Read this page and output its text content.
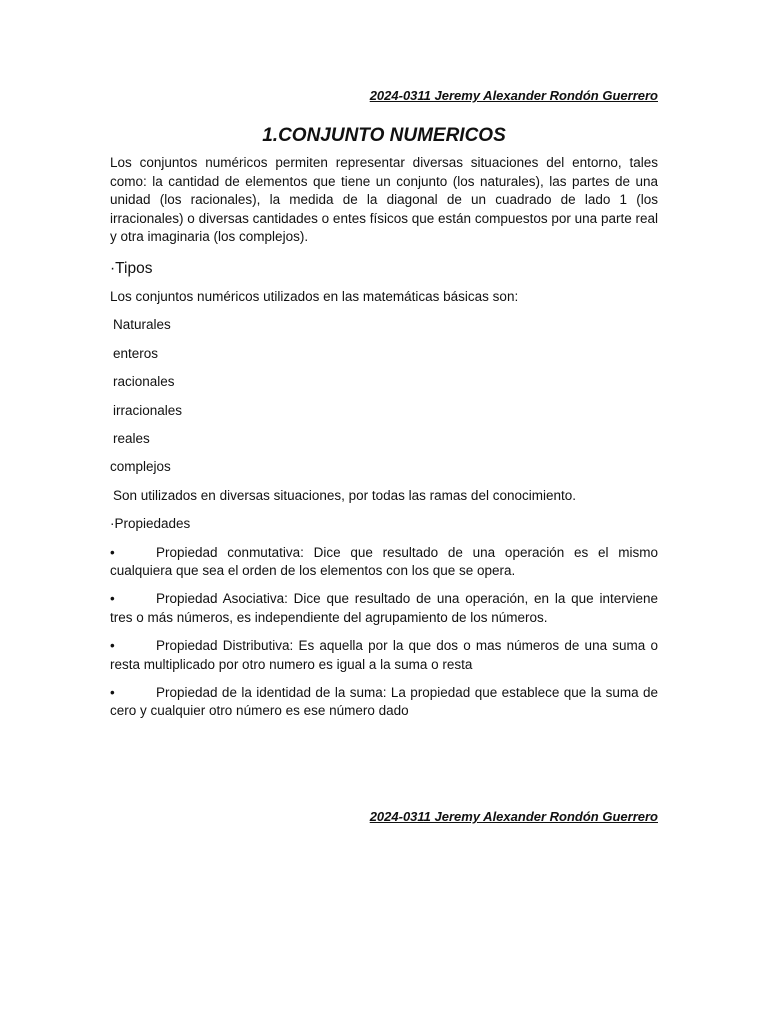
2024-0311 Jeremy Alexander Rondón Guerrero
1.CONJUNTO NUMERICOS

Los conjuntos numéricos permiten representar diversas situaciones del entorno, tales como: la cantidad de elementos que tiene un conjunto (los naturales), las partes de una unidad (los racionales), la medida de la diagonal de un cuadrado de lado 1 (los irracionales) o diversas cantidades o entes físicos que están compuestos por una parte real y otra imaginaria (los complejos).

·Tipos

Los conjuntos numéricos utilizados en las matemáticas básicas son:

Naturales

enteros

racionales

irracionales

reales

complejos

Son utilizados en diversas situaciones, por todas las ramas del conocimiento.

·Propiedades

•	Propiedad conmutativa: Dice que resultado de una operación es el mismo cualquiera que sea el orden de los elementos con los que se opera.

•	Propiedad Asociativa: Dice que resultado de una operación, en la que interviene tres o más números, es independiente del agrupamiento de los números.

•	Propiedad Distributiva: Es aquella por la que dos o mas números de una suma o resta multiplicado por otro numero es igual a la suma o resta

•	Propiedad de la identidad de la suma: La propiedad que establece que la suma de cero y cualquier otro número es ese número dado

2024-0311 Jeremy Alexander Rondón Guerrero
